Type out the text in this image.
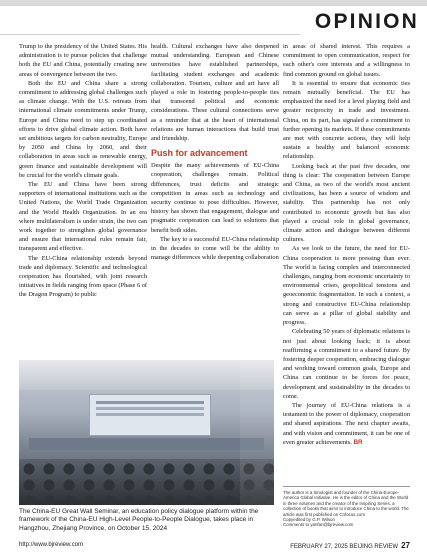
OPINION

Trump to the presidency of the United States. His administration is to pursue policies that challenge both the EU and China, potentially creating new areas of convergence between the two.

Both the EU and China share a strong commitment to addressing global challenges such as climate change. With the U.S. retreats from international climate commitments under Trump, Europe and China need to step up coordinated efforts to drive global climate action. Both have set ambitious targets for carbon neutrality, Europe by 2050 and China by 2060, and their collaboration in areas such as renewable energy, green finance and sustainable development will be crucial for the world's climate goals.

The EU and China have been strong supporters of international institutions such as the United Nations, the World Trade Organization and the World Health Organization. In an era where multilateralism is under strain, the two can work together to strengthen global governance and ensure that international rules remain fair, transparent and effective.

The EU-China relationship extends beyond trade and diplomacy. Scientific and technological cooperation has flourished, with joint research initiatives in fields ranging from space (Phase 6 of the Dragon Program) to public

health. Cultural exchanges have also deepened mutual understanding. European and Chinese universities have established partnerships, facilitating student exchanges and academic collaboration. Tourism, culture and art have all played a role in fostering people-to-people ties that transcend political and economic considerations. These cultural connections serve as a reminder that at the heart of international relations are human interactions that build trust and friendship.

Push for advancement

Despite the many achievements of EU-China cooperation, challenges remain. Political differences, trust deficits and strategic competition in areas such as technology and security continue to pose difficulties. However, history has shown that engagement, dialogue and pragmatic cooperation can lead to solutions that benefit both sides.

The key to a successful EU-China relationship in the decades to come will be the ability to manage differences while deepening collaboration

in areas of shared interest. This requires a commitment to open communication, respect for each other's core interests and a willingness to find common ground on global issues.

It is essential to ensure that economic ties remain mutually beneficial. The EU has emphasized the need for a level playing field and greater reciprocity in trade and investment. China, on its part, has signaled a commitment to further opening its markets. If these commitments are met with concrete actions, they will help sustain a healthy and balanced economic relationship.

Looking back at the past five decades, one thing is clear: The cooperation between Europe and China, as two of the world's most ancient civilizations, has been a source of wisdom and stability. This partnership has not only contributed to economic growth but has also played a crucial role in global governance, climate action and dialogue between different cultures.

As we look to the future, the need for EU-China cooperation is more pressing than ever. The world is facing complex and interconnected challenges, ranging from economic uncertainty to environmental crises, geopolitical tensions and geoeconomic fragmentation. In such a context, a strong and constructive EU-China relationship can serve as a pillar of global stability and progress.

Celebrating 50 years of diplomatic relations is not just about looking back; it is about reaffirming a commitment to a shared future. By fostering deeper cooperation, embracing dialogue and working toward common goals, Europe and China can continue to be forces for peace, development and sustainability in the decades to come.

The journey of EU-China relations is a testament to the power of diplomacy, cooperation and shared aspirations. The next chapter awaits, and with vision and commitment, it can be one of even greater achievements. BR

The China-EU Great Wall Seminar, an education policy dialogue platform within the framework of the China-EU High-Level People-to-People Dialogue, takes place in Hangzhou, Zhejiang Province, on October 15, 2024
The author is a Sinologist and founder of the China-Europe-America Global Initiative. He is the editor of China and the World in three volumes and the creator of the Inspiring Series, a collection of books that aims to introduce China to the world. The article was first published on Cnfocus.com
Copyedited by G.P. Wilson
Comments to yanfan@bjreview.com
http://www.bjreview.com	FEBRUARY 27, 2025 BEIJING REVIEW 27
